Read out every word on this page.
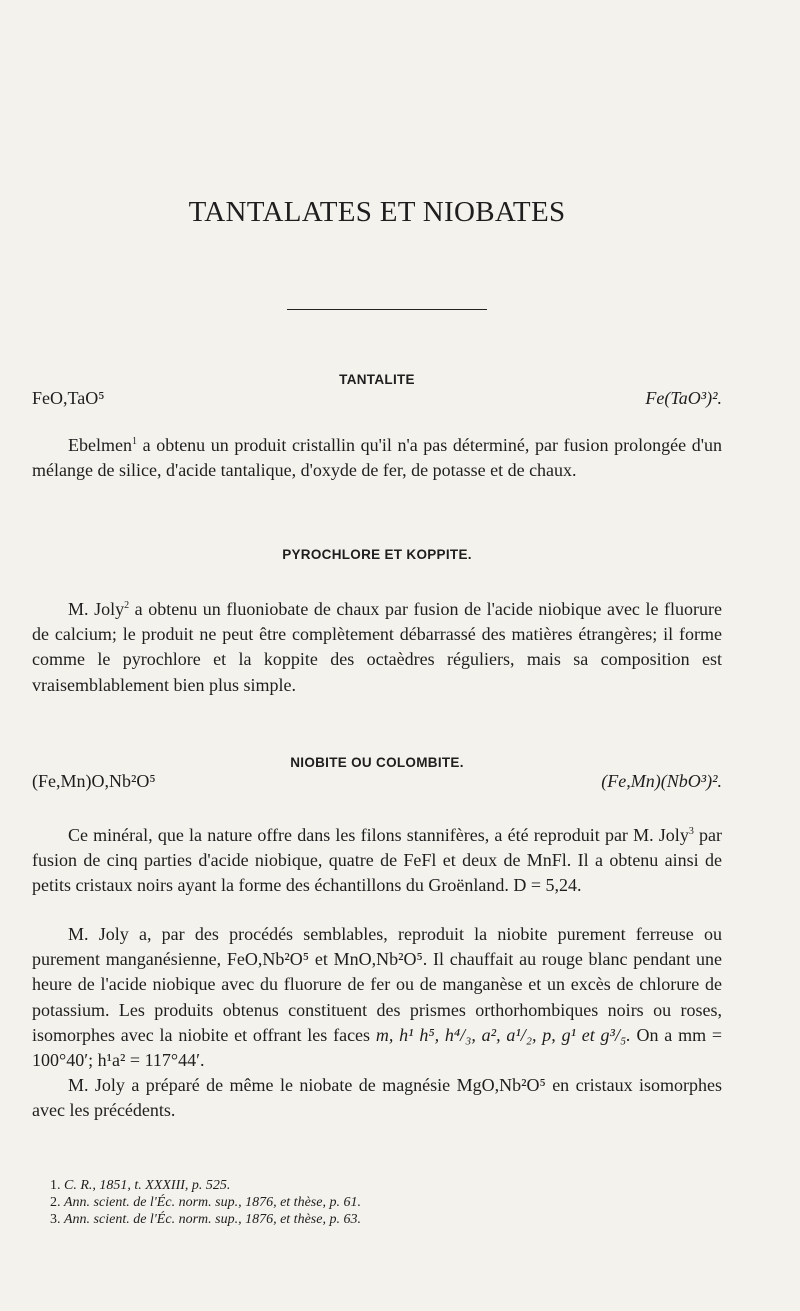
TANTALATES ET NIOBATES
TANTALITE
FeO,TaO⁵	Fe(TaO³)².
Ebelmen$^1$ a obtenu un produit cristallin qu'il n'a pas déterminé, par fusion prolongée d'un mélange de silice, d'acide tantalique, d'oxyde de fer, de potasse et de chaux.
PYROCHLORE ET KOPPITE.
M. Joly$^2$ a obtenu un fluoniobate de chaux par fusion de l'acide niobique avec le fluorure de calcium; le produit ne peut être complètement débarrassé des matières étrangères; il forme comme le pyrochlore et la koppite des octaèdres réguliers, mais sa composition est vraisemblablement bien plus simple.
NIOBITE OU COLOMBITE.
(Fe,Mn)O,Nb²O⁵	(Fe,Mn)(NbO³)².
Ce minéral, que la nature offre dans les filons stannifères, a été reproduit par M. Joly$^3$ par fusion de cinq parties d'acide niobique, quatre de FeFl et deux de MnFl. Il a obtenu ainsi de petits cristaux noirs ayant la forme des échantillons du Groënland. D = 5,24.
M. Joly a, par des procédés semblables, reproduit la niobite purement ferreuse ou purement manganésienne, FeO,Nb²O⁵ et MnO,Nb²O⁵. Il chauffait au rouge blanc pendant une heure de l'acide niobique avec du fluorure de fer ou de manganèse et un excès de chlorure de potassium. Les produits obtenus constituent des prismes orthorhombiques noirs ou roses, isomorphes avec la niobite et offrant les faces m, h¹ h⁵, h⁴/₃, a², a¹/₂, p, g¹ et g³/₅. On a mm = 100°40′; h¹a² = 117°44′.
M. Joly a préparé de même le niobate de magnésie MgO,Nb²O⁵ en cristaux isomorphes avec les précédents.
1. C. R., 1851, t. XXXIII, p. 525.
2. Ann. scient. de l'Éc. norm. sup., 1876, et thèse, p. 61.
3. Ann. scient. de l'Éc. norm. sup., 1876, et thèse, p. 63.
